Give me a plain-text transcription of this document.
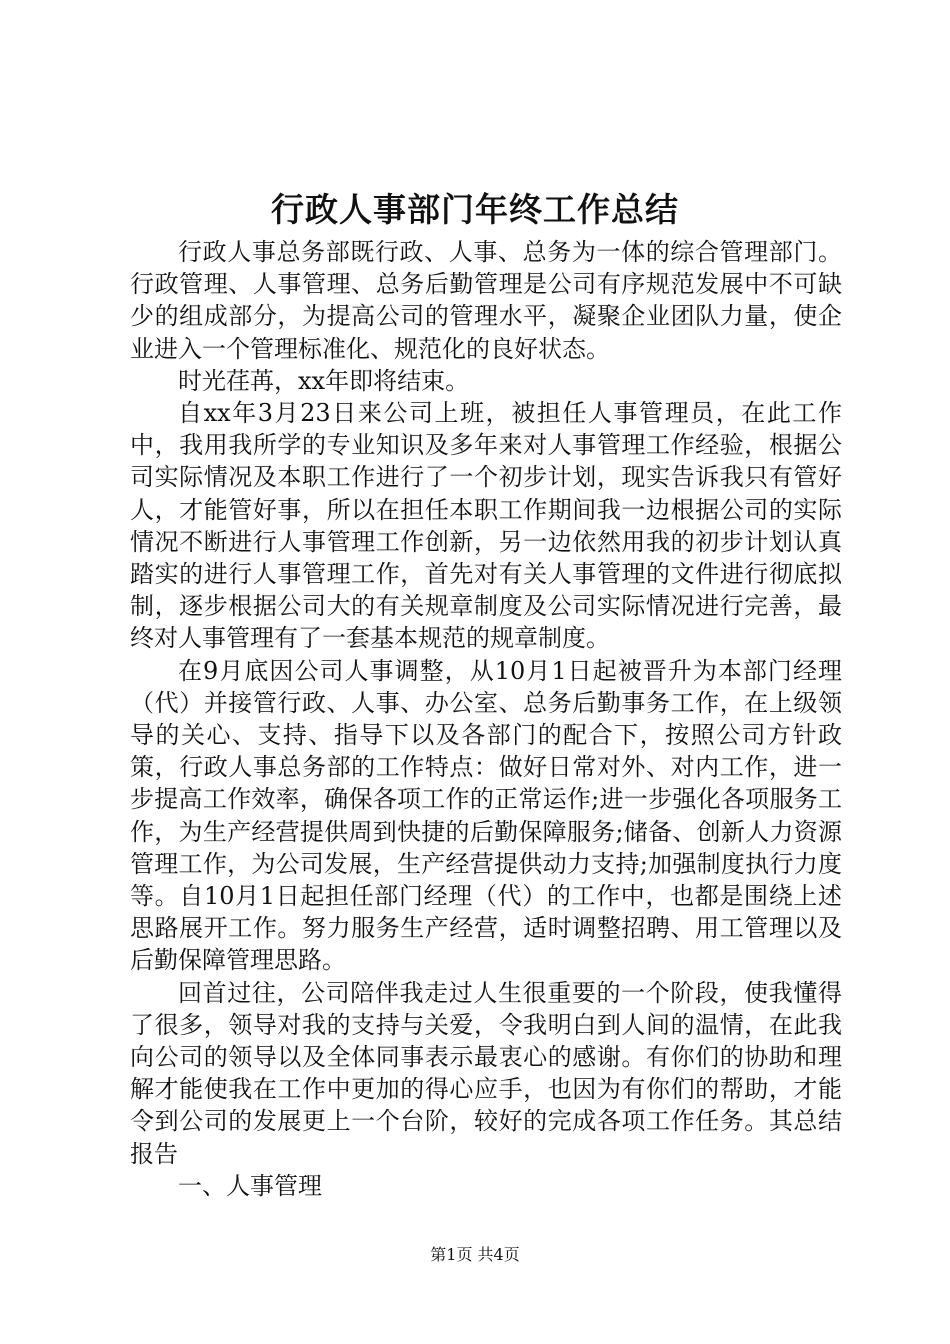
行政人事部门年终工作总结

行政人事总务部既行政、人事、总务为一体的综合管理部门。行政管理、人事管理、总务后勤管理是公司有序规范发展中不可缺少的组成部分，为提高公司的管理水平，凝聚企业团队力量，使企业进入一个管理标准化、规范化的良好状态。

时光荏苒，xx年即将结束。

自xx年3月23日来公司上班，被担任人事管理员，在此工作中，我用我所学的专业知识及多年来对人事管理工作经验，根据公司实际情况及本职工作进行了一个初步计划，现实告诉我只有管好人，才能管好事，所以在担任本职工作期间我一边根据公司的实际情况不断进行人事管理工作创新，另一边依然用我的初步计划认真踏实的进行人事管理工作，首先对有关人事管理的文件进行彻底拟制，逐步根据公司大的有关规章制度及公司实际情况进行完善，最终对人事管理有了一套基本规范的规章制度。

在9月底因公司人事调整，从10月1日起被晋升为本部门经理（代）并接管行政、人事、办公室、总务后勤事务工作，在上级领导的关心、支持、指导下以及各部门的配合下，按照公司方针政策，行政人事总务部的工作特点：做好日常对外、对内工作，进一步提高工作效率，确保各项工作的正常运作;进一步强化各项服务工作，为生产经营提供周到快捷的后勤保障服务;储备、创新人力资源管理工作，为公司发展，生产经营提供动力支持;加强制度执行力度等。自10月1日起担任部门经理（代）的工作中，也都是围绕上述思路展开工作。努力服务生产经营，适时调整招聘、用工管理以及后勤保障管理思路。

回首过往，公司陪伴我走过人生很重要的一个阶段，使我懂得了很多，领导对我的支持与关爱，令我明白到人间的温情，在此我向公司的领导以及全体同事表示最衷心的感谢。有你们的协助和理解才能使我在工作中更加的得心应手，也因为有你们的帮助，才能令到公司的发展更上一个台阶，较好的完成各项工作任务。其总结报告

一、人事管理

第1页 共4页
